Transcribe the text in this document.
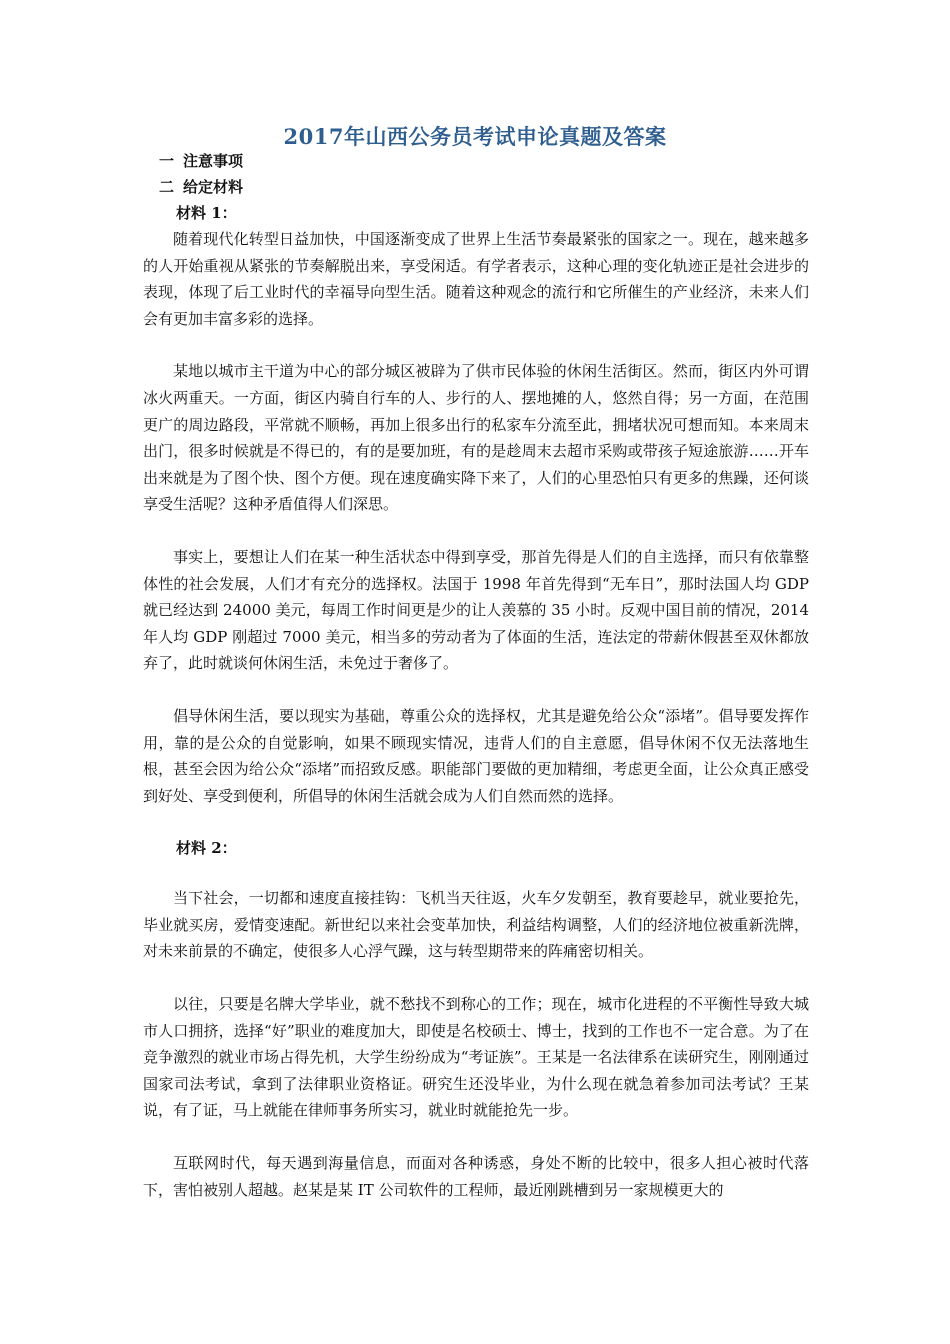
2017年山西公务员考试申论真题及答案

一 注意事项

二 给定材料

材料 1：

随着现代化转型日益加快，中国逐渐变成了世界上生活节奏最紧张的国家之一。现在，越来越多的人开始重视从紧张的节奏解脱出来，享受闲适。有学者表示，这种心理的变化轨迹正是社会进步的表现，体现了后工业时代的幸福导向型生活。随着这种观念的流行和它所催生的产业经济，未来人们会有更加丰富多彩的选择。

某地以城市主干道为中心的部分城区被辟为了供市民体验的休闲生活街区。然而，街区内外可谓冰火两重天。一方面，街区内骑自行车的人、步行的人、摆地摊的人，悠然自得；另一方面，在范围更广的周边路段，平常就不顺畅，再加上很多出行的私家车分流至此，拥堵状况可想而知。本来周末出门，很多时候就是不得已的，有的是要加班，有的是趁周末去超市采购或带孩子短途旅游……开车出来就是为了图个快、图个方便。现在速度确实降下来了，人们的心里恐怕只有更多的焦躁，还何谈享受生活呢？这种矛盾值得人们深思。

事实上，要想让人们在某一种生活状态中得到享受，那首先得是人们的自主选择，而只有依靠整体性的社会发展，人们才有充分的选择权。法国于 1998 年首先得到“无车日”，那时法国人均 GDP 就已经达到 24000 美元，每周工作时间更是少的让人羡慕的 35 小时。反观中国目前的情况，2014 年人均 GDP 刚超过 7000 美元，相当多的劳动者为了体面的生活，连法定的带薪休假甚至双休都放弃了，此时就谈何休闲生活，未免过于奢侈了。

倡导休闲生活，要以现实为基础，尊重公众的选择权，尤其是避免给公众“添堵”。倡导要发挥作用，靠的是公众的自觉影响，如果不顾现实情况，违背人们的自主意愿，倡导休闲不仅无法落地生根，甚至会因为给公众“添堵”而招致反感。职能部门要做的更加精细，考虑更全面，让公众真正感受到好处、享受到便利，所倡导的休闲生活就会成为人们自然而然的选择。

材料 2：

当下社会，一切都和速度直接挂钩：飞机当天往返，火车夕发朝至，教育要趁早，就业要抢先，毕业就买房，爱情变速配。新世纪以来社会变革加快，利益结构调整，人们的经济地位被重新洗牌，对未来前景的不确定，使很多人心浮气躁，这与转型期带来的阵痛密切相关。

以往，只要是名牌大学毕业，就不愁找不到称心的工作；现在，城市化进程的不平衡性导致大城市人口拥挤，选择“好”职业的难度加大，即使是名校硕士、博士，找到的工作也不一定合意。为了在竞争激烈的就业市场占得先机，大学生纷纷成为“考证族”。王某是一名法律系在读研究生，刚刚通过国家司法考试，拿到了法律职业资格证。研究生还没毕业，为什么现在就急着参加司法考试？王某说，有了证，马上就能在律师事务所实习，就业时就能抢先一步。

互联网时代，每天遇到海量信息，而面对各种诱惑，身处不断的比较中，很多人担心被时代落下，害怕被别人超越。赵某是某 IT 公司软件的工程师，最近刚跳槽到另一家规模更大的
